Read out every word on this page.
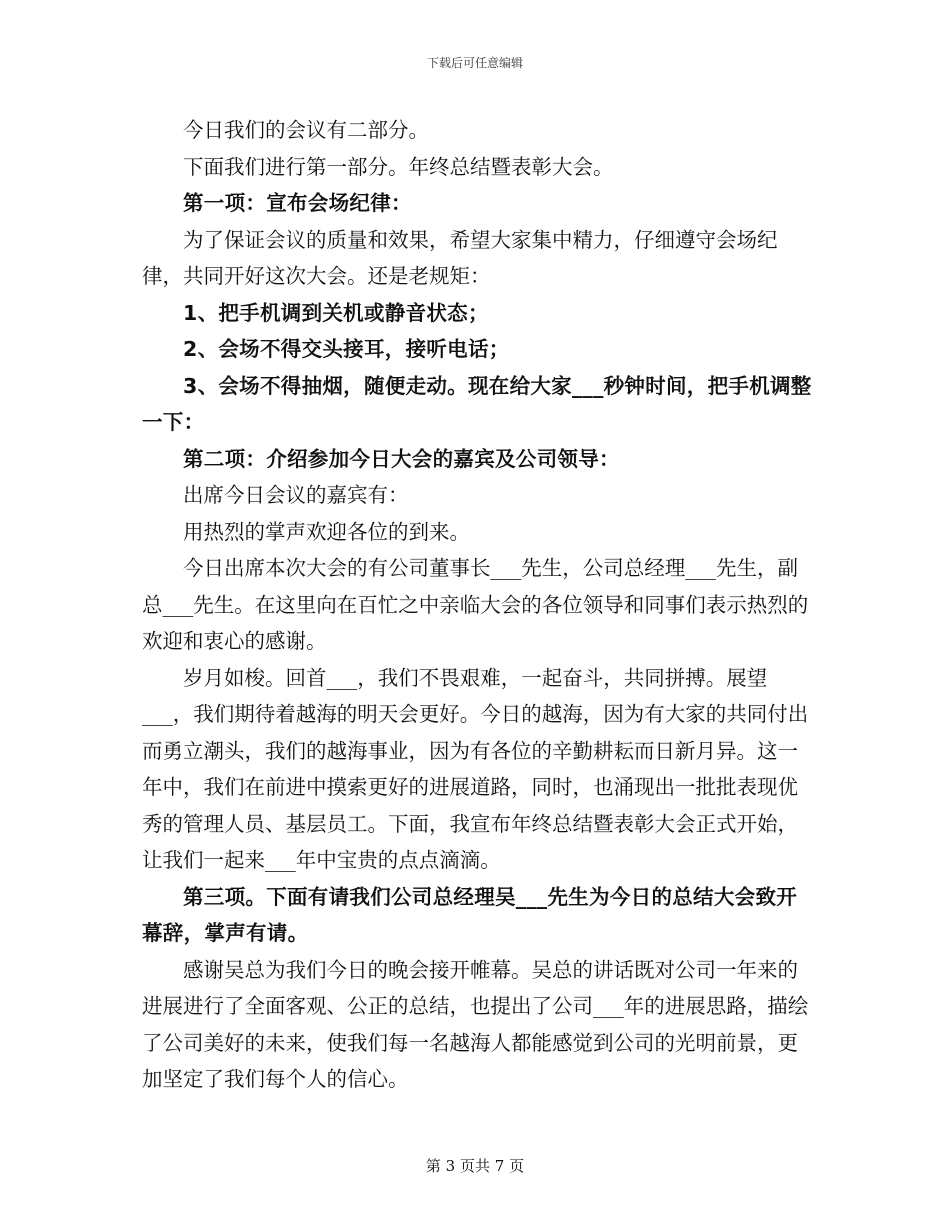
下载后可任意编辑

今日我们的会议有二部分。

下面我们进行第一部分。年终总结暨表彰大会。

第一项：宣布会场纪律：

为了保证会议的质量和效果，希望大家集中精力，仔细遵守会场纪律，共同开好这次大会。还是老规矩：

1、把手机调到关机或静音状态；

2、会场不得交头接耳，接听电话；

3、会场不得抽烟，随便走动。现在给大家___秒钟时间，把手机调整一下：

第二项：介绍参加今日大会的嘉宾及公司领导：

出席今日会议的嘉宾有：

用热烈的掌声欢迎各位的到来。

今日出席本次大会的有公司董事长___先生，公司总经理___先生，副总___先生。在这里向在百忙之中亲临大会的各位领导和同事们表示热烈的欢迎和衷心的感谢。

岁月如梭。回首___，我们不畏艰难，一起奋斗，共同拼搏。展望___，我们期待着越海的明天会更好。今日的越海，因为有大家的共同付出而勇立潮头，我们的越海事业，因为有各位的辛勤耕耘而日新月异。这一年中，我们在前进中摸索更好的进展道路，同时，也涌现出一批批表现优秀的管理人员、基层员工。下面，我宣布年终总结暨表彰大会正式开始，让我们一起来___年中宝贵的点点滴滴。

第三项。下面有请我们公司总经理吴___先生为今日的总结大会致开幕辞，掌声有请。

感谢吴总为我们今日的晚会接开帷幕。吴总的讲话既对公司一年来的进展进行了全面客观、公正的总结，也提出了公司___年的进展思路，描绘了公司美好的未来，使我们每一名越海人都能感觉到公司的光明前景，更加坚定了我们每个人的信心。

第 3 页共 7 页
